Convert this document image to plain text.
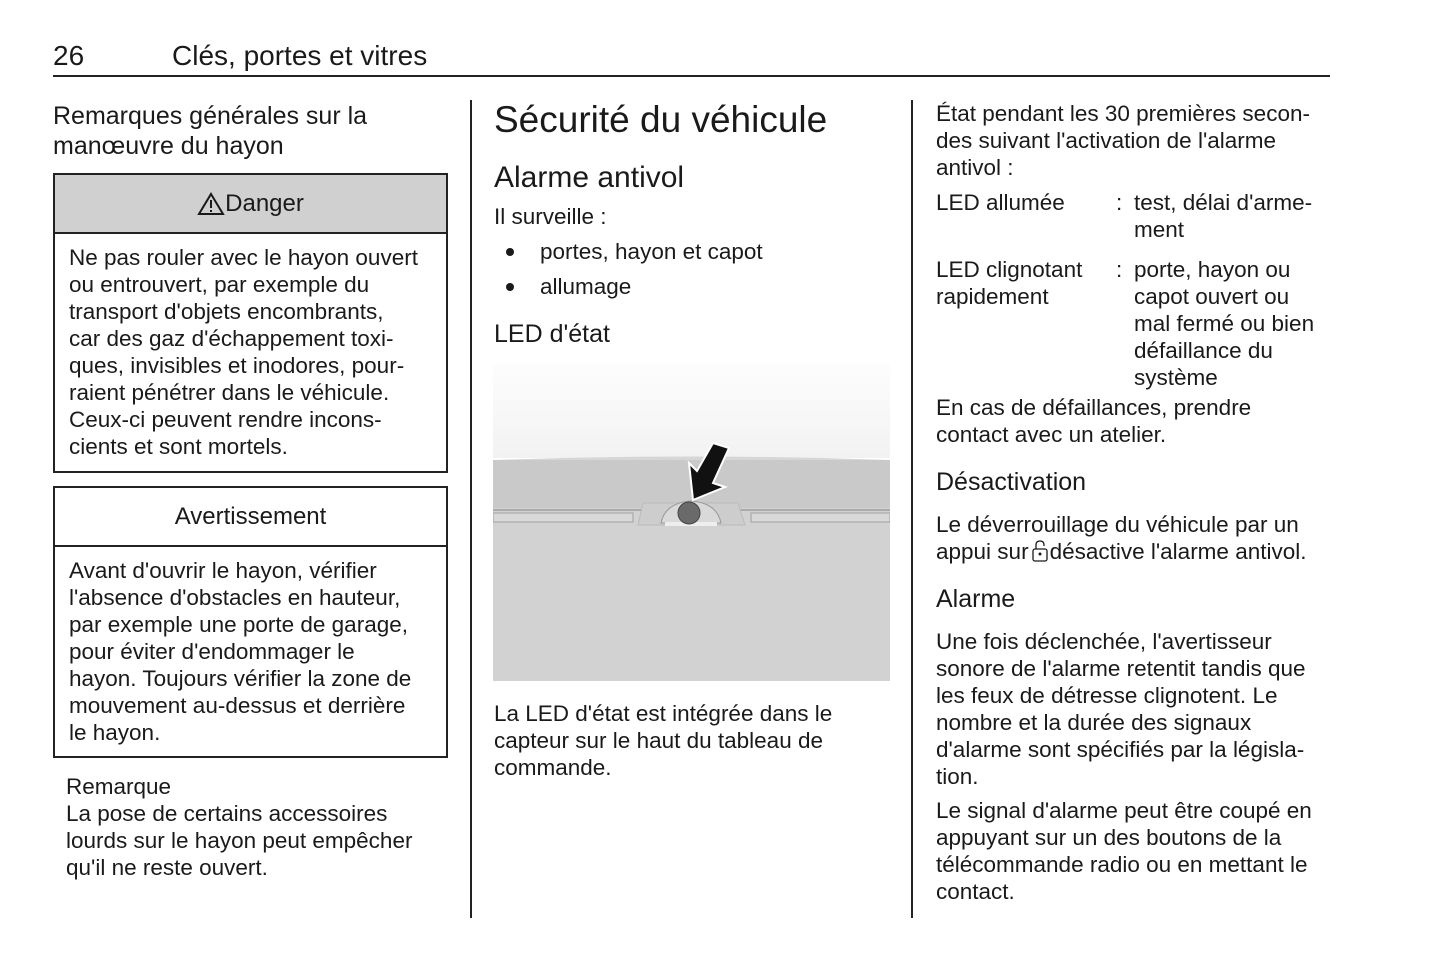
26	Clés, portes et vitres
Remarques générales sur la
manœuvre du hayon
Danger
Ne pas rouler avec le hayon ouvert
ou entrouvert, par exemple du
transport d'objets encombrants,
car des gaz d'échappement toxi-
ques, invisibles et inodores, pour-
raient pénétrer dans le véhicule.
Ceux-ci peuvent rendre incons-
cients et sont mortels.
Avertissement
Avant d'ouvrir le hayon, vérifier
l'absence d'obstacles en hauteur,
par exemple une porte de garage,
pour éviter d'endommager le
hayon. Toujours vérifier la zone de
mouvement au-dessus et derrière
le hayon.
Remarque
La pose de certains accessoires
lourds sur le hayon peut empêcher
qu'il ne reste ouvert.
Sécurité du véhicule
Alarme antivol
Il surveille :
portes, hayon et capot
allumage
LED d'état
La LED d'état est intégrée dans le
capteur sur le haut du tableau de
commande.
État pendant les 30 premières secon-
des suivant l'activation de l'alarme
antivol :
LED allumée	: test, délai d'arme-
ment
LED clignotant
rapidement
: porte, hayon ou
capot ouvert ou
mal fermé ou bien
défaillance du
système
En cas de défaillances, prendre
contact avec un atelier.
Désactivation
Le déverrouillage du véhicule par un
appui sur désactive l'alarme antivol.
Alarme
Une fois déclenchée, l'avertisseur
sonore de l'alarme retentit tandis que
les feux de détresse clignotent. Le
nombre et la durée des signaux
d'alarme sont spécifiés par la législa-
tion.
Le signal d'alarme peut être coupé en
appuyant sur un des boutons de la
télécommande radio ou en mettant le
contact.
